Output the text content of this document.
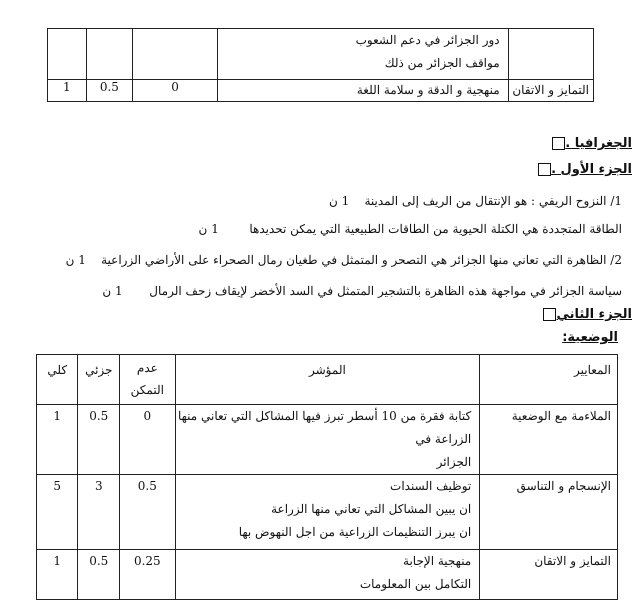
			دور الجزائر في دعم الشعوب
مواقف الجزائر من ذلك	

1	0.5	0	منهجية و الدقة و سلامة اللغة	التمايز و الاتقان
الجغرافيا .
الجزء الأول .
1/ النزوح الريفي : هو الإنتقال من الريف إلى المدينة    1 ن
الطاقة المتجددة هي الكتلة الحيوية من الطاقات الطبيعية التي يمكن تحديدها        1 ن
2/ الظاهرة التي تعاني منها الجزائر هي التصحر و المتمثل في طغيان رمال الصحراء على الأراضي الزراعية    1 ن
سياسة الجزائر في مواجهة هذه الظاهرة بالتشجير المتمثل في السد الأخضر لإيقاف زحف الرمال       1 ن
الجزء الثاني
الوضعية:
كلي	جزئي	عدم التمكن	المؤشر	المعايير
1	0.5	0	كتابة فقرة من 10 أسطر تبرز فيها المشاكل التي تعاني منها الزراعة في
الجزائر	الملاءمة مع الوضعية
5	3	0.5	توظيف السندات
ان يبين المشاكل التي تعاني منها الزراعة
ان يبرز التنظيمات الزراعية من اجل النهوض بها	الإنسجام و التناسق
1	0.5	0.25	منهجية الإجابة
التكامل بين المعلومات	التمايز و الاتقان
